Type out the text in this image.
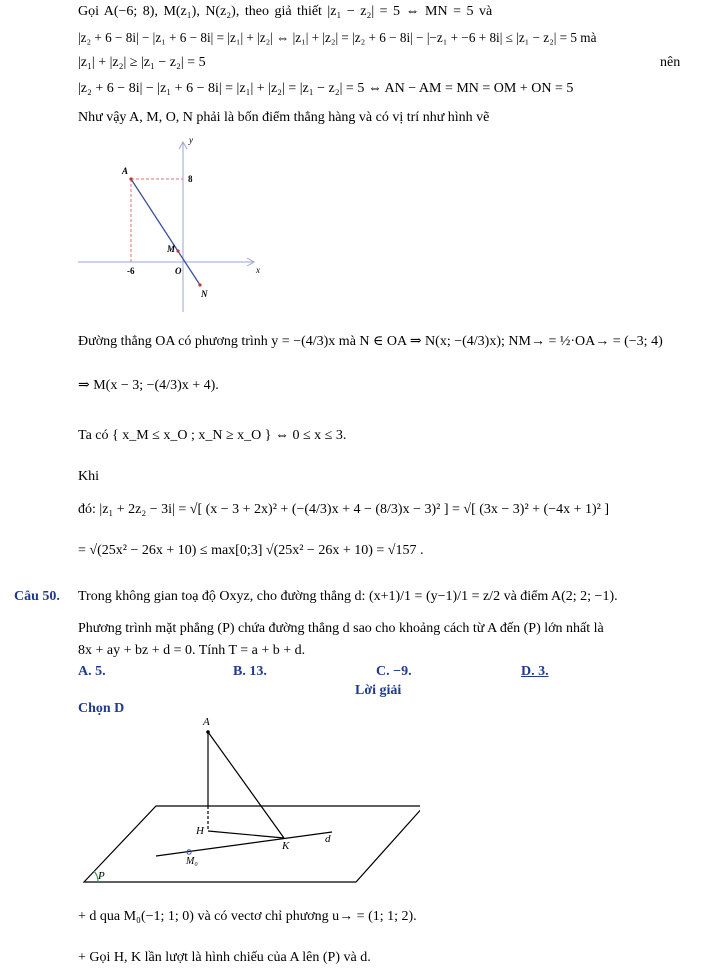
Gọi A(−6; 8), M(z₁), N(z₂), theo giả thiết |z₁ − z₂| = 5 ⇔ MN = 5 và
|z₂ + 6 − 8i| − |z₁ + 6 − 8i| = |z₁| + |z₂| ⇔ |z₁| + |z₂| = |z₂ + 6 − 8i| − |−z₁ + −6 + 8i| ≤ |z₁ − z₂| = 5 mà
|z₁| + |z₂| ≥ |z₁ − z₂| = 5	nên
|z₂ + 6 − 8i| − |z₁ + 6 − 8i| = |z₁| + |z₂| = |z₁ − z₂| = 5 ⇔ AN − AM = MN = OM + ON = 5
Như vậy A, M, O, N phải là bốn điểm thẳng hàng và có vị trí như hình vẽ
y
x
A
8
M
-6	O
N
Đường thẳng OA có phương trình y = −(4/3)x mà N ∈ OA ⇒ N(x; −(4/3)x); NM→ = ½·OA→ = (−3; 4)
⇒ M(x − 3; −(4/3)x + 4).
Ta có { x_M ≤ x_O ; x_N ≥ x_O } ⇔ 0 ≤ x ≤ 3.
Khi
đó: |z₁ + 2z₂ − 3i| = √[ (x − 3 + 2x)² + (−(4/3)x + 4 − (8/3)x − 3)² ] = √[ (3x − 3)² + (−4x + 1)² ]
= √(25x² − 26x + 10) ≤ max[0;3] √(25x² − 26x + 10) = √157 .
Câu 50. Trong không gian toạ độ Oxyz, cho đường thẳng d: (x+1)/1 = (y−1)/1 = z/2 và điểm A(2; 2; −1).
Phương trình mặt phẳng (P) chứa đường thẳng d sao cho khoảng cách từ A đến (P) lớn nhất là
8x + ay + bz + d = 0. Tính T = a + b + d.
A. 5.	B. 13.	C. −9.	D. 3.
Lời giải
Chọn D
A
H
K
d
M₀
P
+ d qua M₀(−1; 1; 0) và có vectơ chỉ phương u→ = (1; 1; 2).
+ Gọi H, K lần lượt là hình chiếu của A lên (P) và d.
